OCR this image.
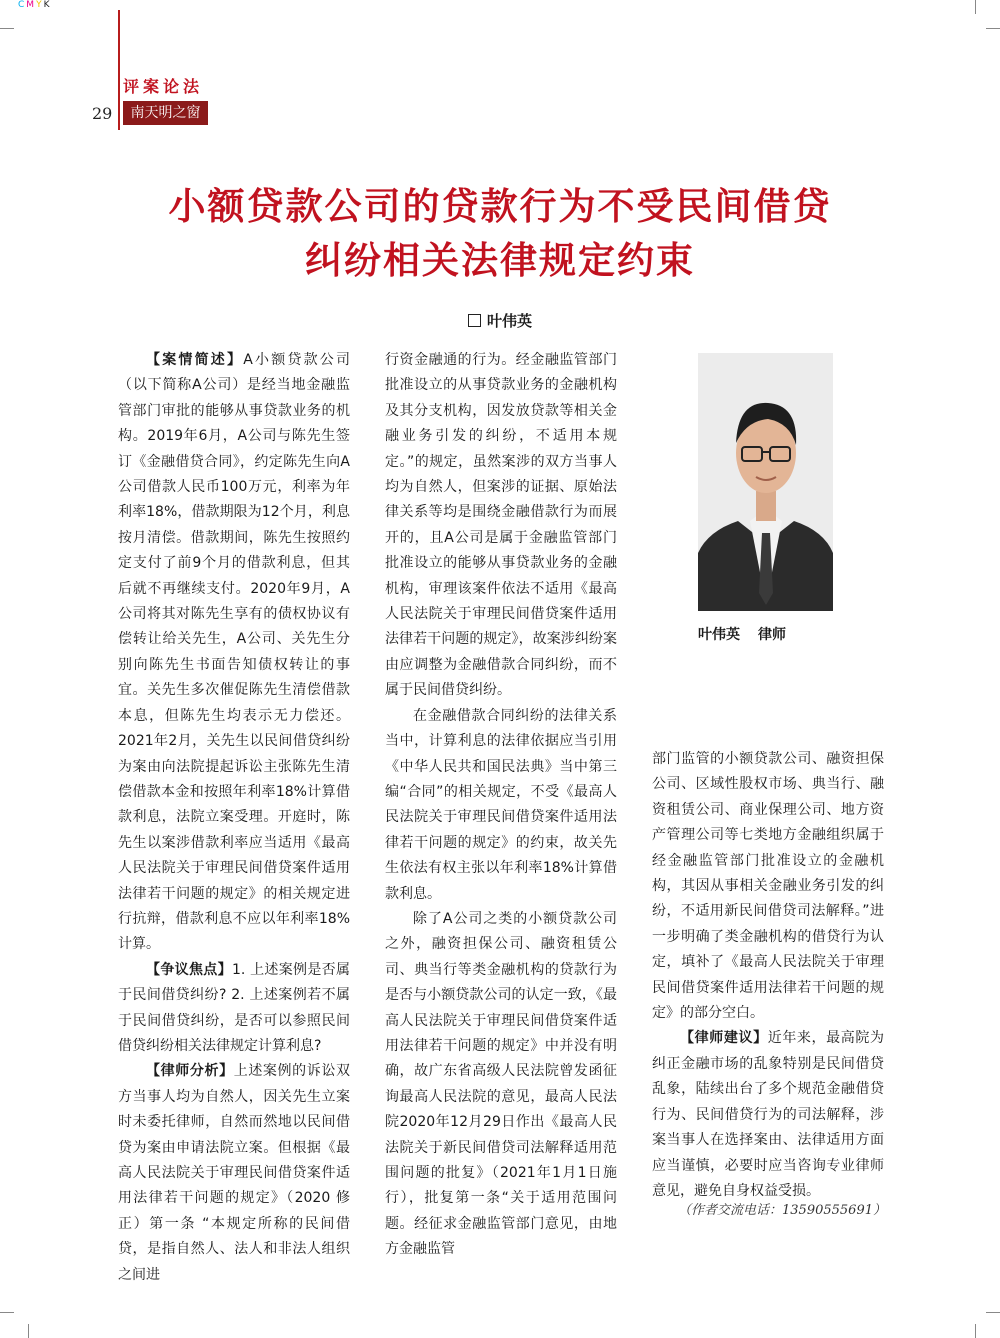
CMYK
评案论法
29	南天明之窗
小额贷款公司的贷款行为不受民间借贷
纠纷相关法律规定约束
叶伟英

【案情简述】A小额贷款公司（以下简称A公司）是经当地金融监管部门审批的能够从事贷款业务的机构。2019年6月，A公司与陈先生签订《金融借贷合同》，约定陈先生向A公司借款人民币100万元，利率为年利率18%，借款期限为12个月，利息按月清偿。借款期间，陈先生按照约定支付了前9个月的借款利息，但其后就不再继续支付。2020年9月，A公司将其对陈先生享有的债权协议有偿转让给关先生，A公司、关先生分别向陈先生书面告知债权转让的事宜。关先生多次催促陈先生清偿借款本息，但陈先生均表示无力偿还。2021年2月，关先生以民间借贷纠纷为案由向法院提起诉讼主张陈先生清偿借款本金和按照年利率18%计算借款利息，法院立案受理。开庭时，陈先生以案涉借款利率应当适用《最高人民法院关于审理民间借贷案件适用法律若干问题的规定》的相关规定进行抗辩，借款利息不应以年利率18%计算。

【争议焦点】1. 上述案例是否属于民间借贷纠纷? 2. 上述案例若不属于民间借贷纠纷，是否可以参照民间借贷纠纷相关法律规定计算利息?

【律师分析】上述案例的诉讼双方当事人均为自然人，因关先生立案时未委托律师，自然而然地以民间借贷为案由申请法院立案。但根据《最高人民法院关于审理民间借贷案件适用法律若干问题的规定》（2020 修正）第一条 “本规定所称的民间借贷，是指自然人、法人和非法人组织之间进

行资金融通的行为。经金融监管部门批准设立的从事贷款业务的金融机构及其分支机构，因发放贷款等相关金融业务引发的纠纷，不适用本规定。”的规定，虽然案涉的双方当事人均为自然人，但案涉的证据、原始法律关系等均是围绕金融借款行为而展开的，且A公司是属于金融监管部门批准设立的能够从事贷款业务的金融机构，审理该案件依法不适用《最高人民法院关于审理民间借贷案件适用法律若干问题的规定》，故案涉纠纷案由应调整为金融借款合同纠纷，而不属于民间借贷纠纷。

在金融借款合同纠纷的法律关系当中，计算利息的法律依据应当引用《中华人民共和国民法典》当中第三编“合同”的相关规定，不受《最高人民法院关于审理民间借贷案件适用法律若干问题的规定》的约束，故关先生依法有权主张以年利率18%计算借款利息。

除了A公司之类的小额贷款公司之外，融资担保公司、融资租赁公司、典当行等类金融机构的贷款行为是否与小额贷款公司的认定一致，《最高人民法院关于审理民间借贷案件适用法律若干问题的规定》中并没有明确，故广东省高级人民法院曾发函征询最高人民法院的意见，最高人民法院2020年12月29日作出《最高人民法院关于新民间借贷司法解释适用范围问题的批复》（2021年1月1日施行），批复第一条“关于适用范围问题。经征求金融监管部门意见，由地方金融监管

叶伟英 律师

部门监管的小额贷款公司、融资担保公司、区域性股权市场、典当行、融资租赁公司、商业保理公司、地方资产管理公司等七类地方金融组织属于经金融监管部门批准设立的金融机构，其因从事相关金融业务引发的纠纷，不适用新民间借贷司法解释。”进一步明确了类金融机构的借贷行为认定，填补了《最高人民法院关于审理民间借贷案件适用法律若干问题的规定》的部分空白。

【律师建议】近年来，最高院为纠正金融市场的乱象特别是民间借贷乱象，陆续出台了多个规范金融借贷行为、民间借贷行为的司法解释，涉案当事人在选择案由、法律适用方面应当谨慎，必要时应当咨询专业律师意见，避免自身权益受损。

（作者交流电话：13590555691）
